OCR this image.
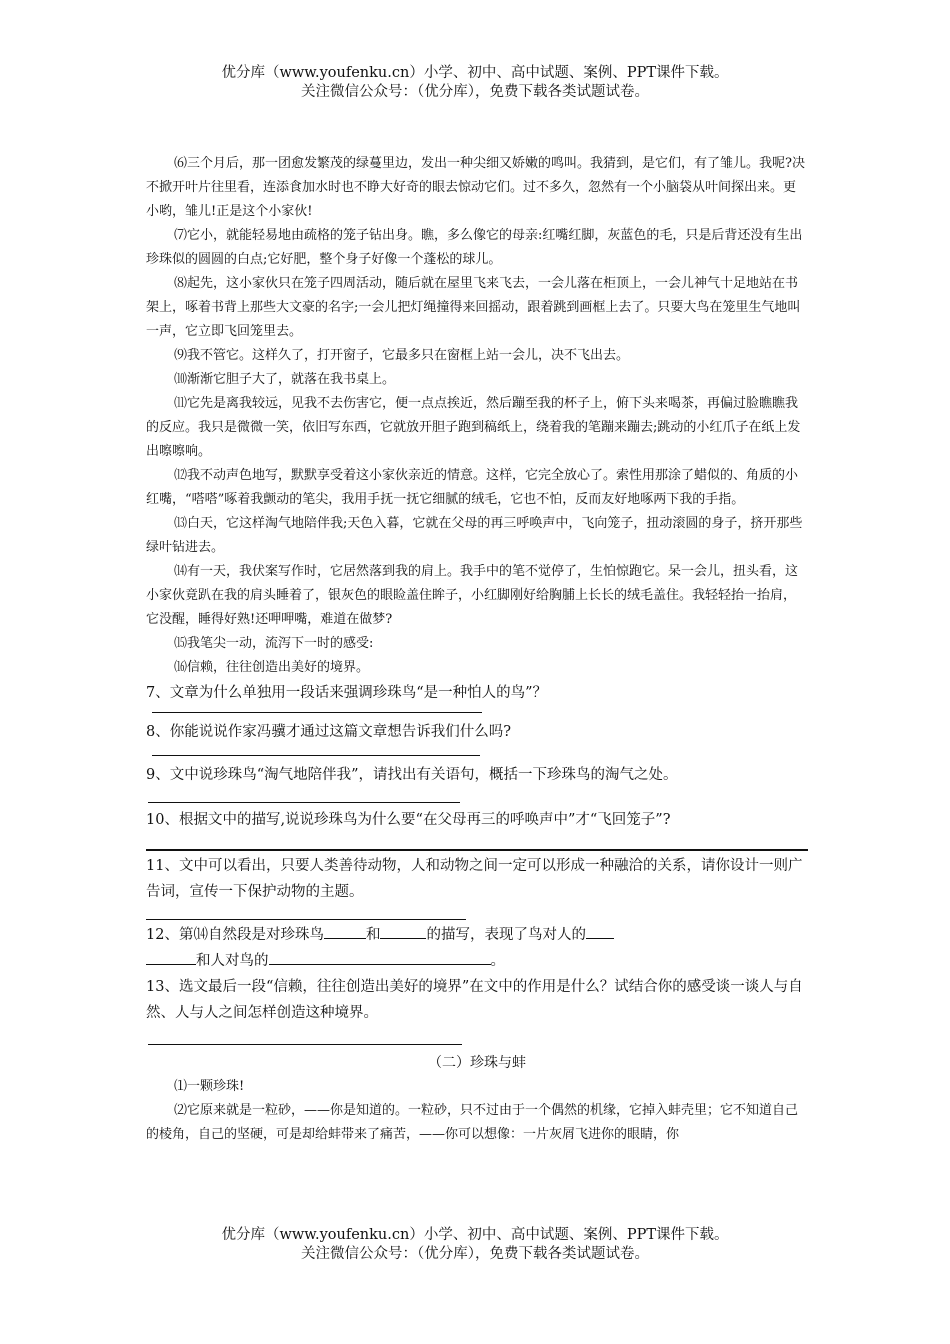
优分库（www.youfenku.cn）小学、初中、高中试题、案例、PPT课件下载。
关注微信公众号：（优分库），免费下载各类试题试卷。

⑹三个月后，那一团愈发繁茂的绿蔓里边，发出一种尖细又娇嫩的鸣叫。我猜到，是它们，有了雏儿。我呢?决不掀开叶片往里看，连添食加水时也不睁大好奇的眼去惊动它们。过不多久，忽然有一个小脑袋从叶间探出来。更小哟，雏儿!正是这个小家伙!

⑺它小，就能轻易地由疏格的笼子钻出身。瞧，多么像它的母亲:红嘴红脚，灰蓝色的毛，只是后背还没有生出珍珠似的圆圆的白点;它好肥，整个身子好像一个蓬松的球儿。

⑻起先，这小家伙只在笼子四周活动，随后就在屋里飞来飞去，一会儿落在柜顶上，一会儿神气十足地站在书架上，啄着书背上那些大文豪的名字;一会儿把灯绳撞得来回摇动，跟着跳到画框上去了。只要大鸟在笼里生气地叫一声，它立即飞回笼里去。

⑼我不管它。这样久了，打开窗子，它最多只在窗框上站一会儿，决不飞出去。

⑽渐渐它胆子大了，就落在我书桌上。

⑾它先是离我较远，见我不去伤害它，便一点点挨近，然后蹦至我的杯子上，俯下头来喝茶，再偏过脸瞧瞧我的反应。我只是微微一笑，依旧写东西，它就放开胆子跑到稿纸上，绕着我的笔蹦来蹦去;跳动的小红爪子在纸上发出嚓嚓响。

⑿我不动声色地写，默默享受着这小家伙亲近的情意。这样，它完全放心了。索性用那涂了蜡似的、角质的小红嘴，“嗒嗒”啄着我颤动的笔尖，我用手抚一抚它细腻的绒毛，它也不怕，反而友好地啄两下我的手指。

⒀白天，它这样淘气地陪伴我;天色入暮，它就在父母的再三呼唤声中，飞向笼子，扭动滚圆的身子，挤开那些绿叶钻进去。

⒁有一天，我伏案写作时，它居然落到我的肩上。我手中的笔不觉停了，生怕惊跑它。呆一会儿，扭头看，这小家伙竟趴在我的肩头睡着了，银灰色的眼睑盖住眸子，小红脚刚好给胸脯上长长的绒毛盖住。我轻轻抬一抬肩，它没醒，睡得好熟!还呷呷嘴，难道在做梦?

⒂我笔尖一动，流泻下一时的感受:

⒃信赖，往往创造出美好的境界。

7、文章为什么单独用一段话来强调珍珠鸟“是一种怕人的鸟”？

8、你能说说作家冯骥才通过这篇文章想告诉我们什么吗?

9、文中说珍珠鸟“淘气地陪伴我”，请找出有关语句，概括一下珍珠鸟的淘气之处。

10、根据文中的描写,说说珍珠鸟为什么要“在父母再三的呼唤声中”才“飞回笼子”?

11、文中可以看出，只要人类善待动物，人和动物之间一定可以形成一种融洽的关系，请你设计一则广告词，宣传一下保护动物的主题。

12、第⒁自然段是对珍珠鸟	和	的描写，表现了鸟对人的
和人对鸟的	。

13、选文最后一段“信赖，往往创造出美好的境界”在文中的作用是什么？试结合你的感受谈一谈人与自然、人与人之间怎样创造这种境界。

（二）珍珠与蚌

⑴一颗珍珠!

⑵它原来就是一粒砂，——你是知道的。一粒砂，只不过由于一个偶然的机缘，它掉入蚌壳里；它不知道自己的棱角，自己的坚硬，可是却给蚌带来了痛苦，——你可以想像：一片灰屑飞进你的眼睛，你

优分库（www.youfenku.cn）小学、初中、高中试题、案例、PPT课件下载。
关注微信公众号：（优分库），免费下载各类试题试卷。
